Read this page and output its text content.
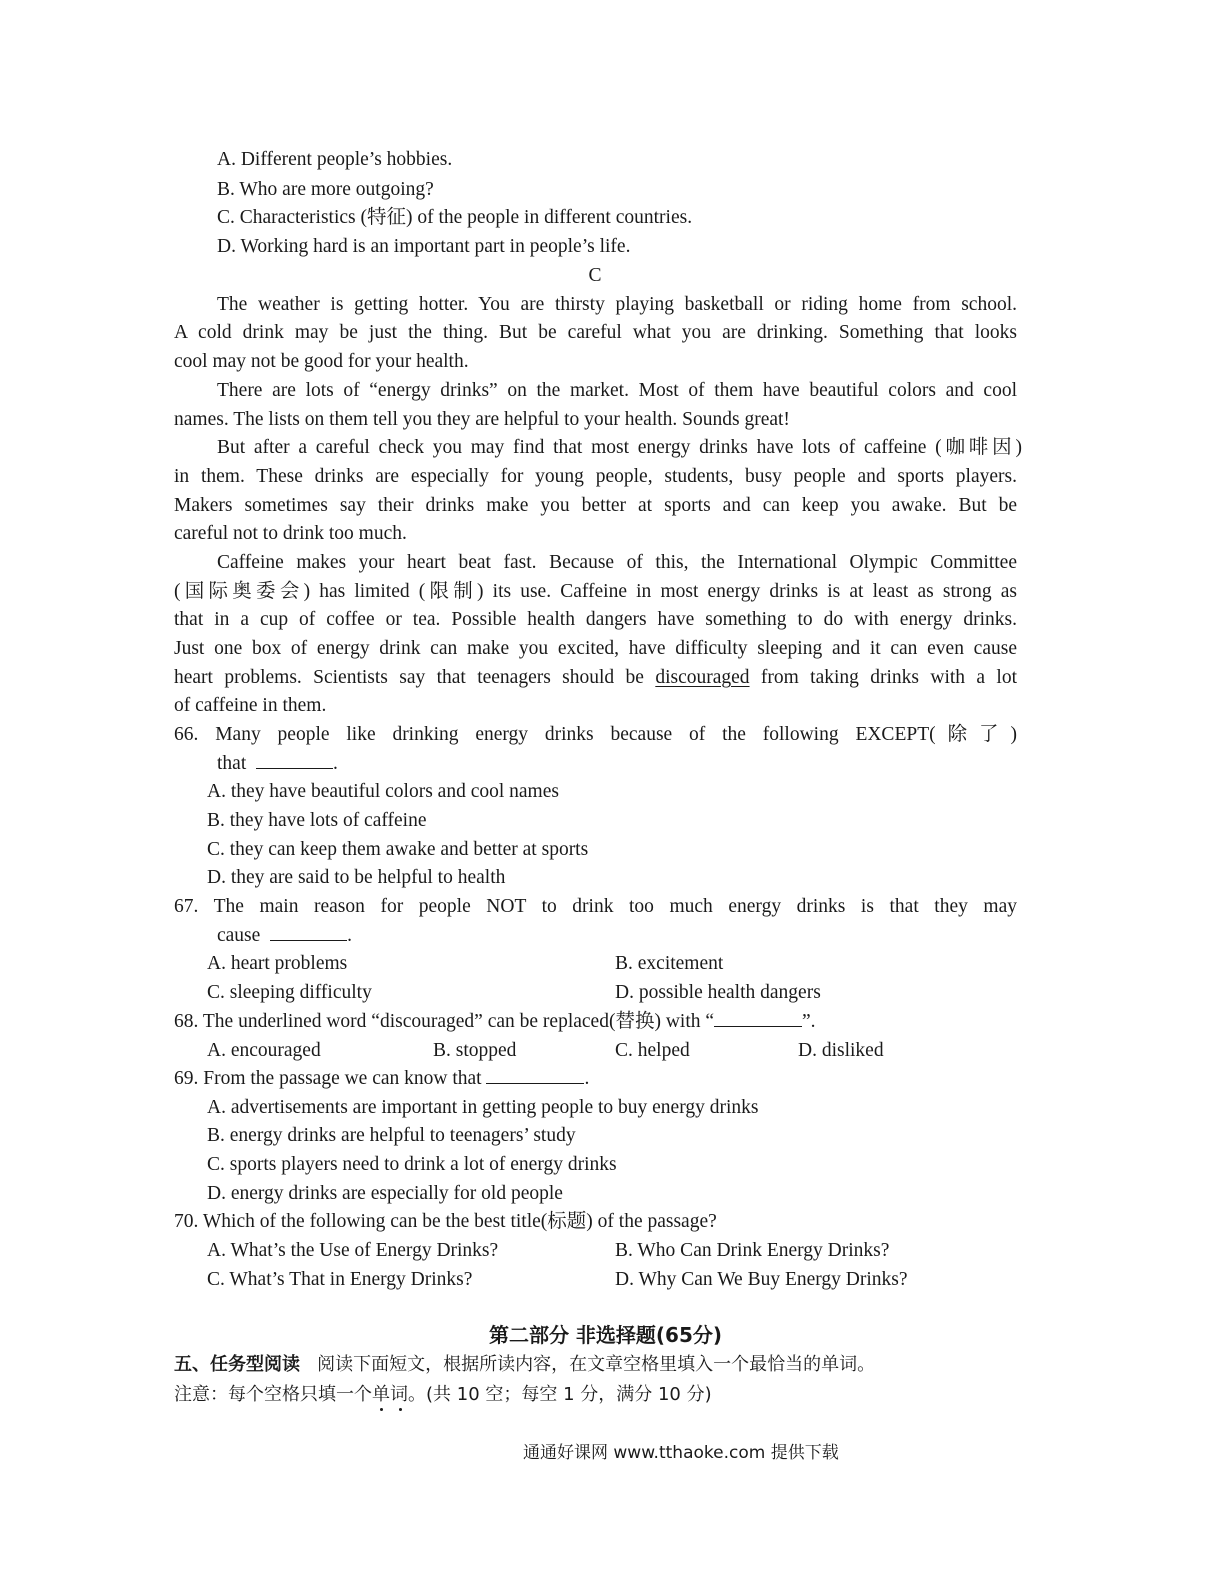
A. Different people’s hobbies.
B. Who are more outgoing?
C. Characteristics (特征) of the people in different countries.
D. Working hard is an important part in people’s life.
C
The weather is getting hotter. You are thirsty playing basketball or riding home from school.
A cold drink may be just the thing. But be careful what you are drinking. Something that looks
cool may not be good for your health.
There are lots of “energy drinks” on the market. Most of them have beautiful colors and cool
names. The lists on them tell you they are helpful to your health. Sounds great!
But after a careful check you may find that most energy drinks have lots of caffeine (咖啡因)
in them. These drinks are especially for young people, students, busy people and sports players.
Makers sometimes say their drinks make you better at sports and can keep you awake. But be
careful not to drink too much.
Caffeine makes your heart beat fast. Because of this, the International Olympic Committee
(国际奥委会) has limited (限制) its use. Caffeine in most energy drinks is at least as strong as
that in a cup of coffee or tea. Possible health dangers have something to do with energy drinks.
Just one box of energy drink can make you excited, have difficulty sleeping and it can even cause
heart problems. Scientists say that teenagers should be discouraged from taking drinks with a lot
of caffeine in them.
66. Many people like drinking energy drinks because of the following EXCEPT(除了)
that	.
A. they have beautiful colors and cool names
B. they have lots of caffeine
C. they can keep them awake and better at sports
D. they are said to be helpful to health
67. The main reason for people NOT to drink too much energy drinks is that they may
cause	.
A. heart problems	B. excitement
C. sleeping difficulty	D. possible health dangers
68. The underlined word “discouraged” can be replaced(替换) with “	”.
A. encouraged	B. stopped	C. helped	D. disliked
69. From the passage we can know that	.
A. advertisements are important in getting people to buy energy drinks
B. energy drinks are helpful to teenagers’ study
C. sports players need to drink a lot of energy drinks
D. energy drinks are especially for old people
70. Which of the following can be the best title(标题) of the passage?
A. What’s the Use of Energy Drinks?	B. Who Can Drink Energy Drinks?
C. What’s That in Energy Drinks?	D. Why Can We Buy Energy Drinks?
第二部分 非选择题(65分)
五、任务型阅读 阅读下面短文，根据所读内容，在文章空格里填入一个最恰当的单词。
注意：每个空格只填一个单词。(共 10 空；每空 1 分，满分 10 分)
通通好课网 www.tthaoke.com 提供下载
